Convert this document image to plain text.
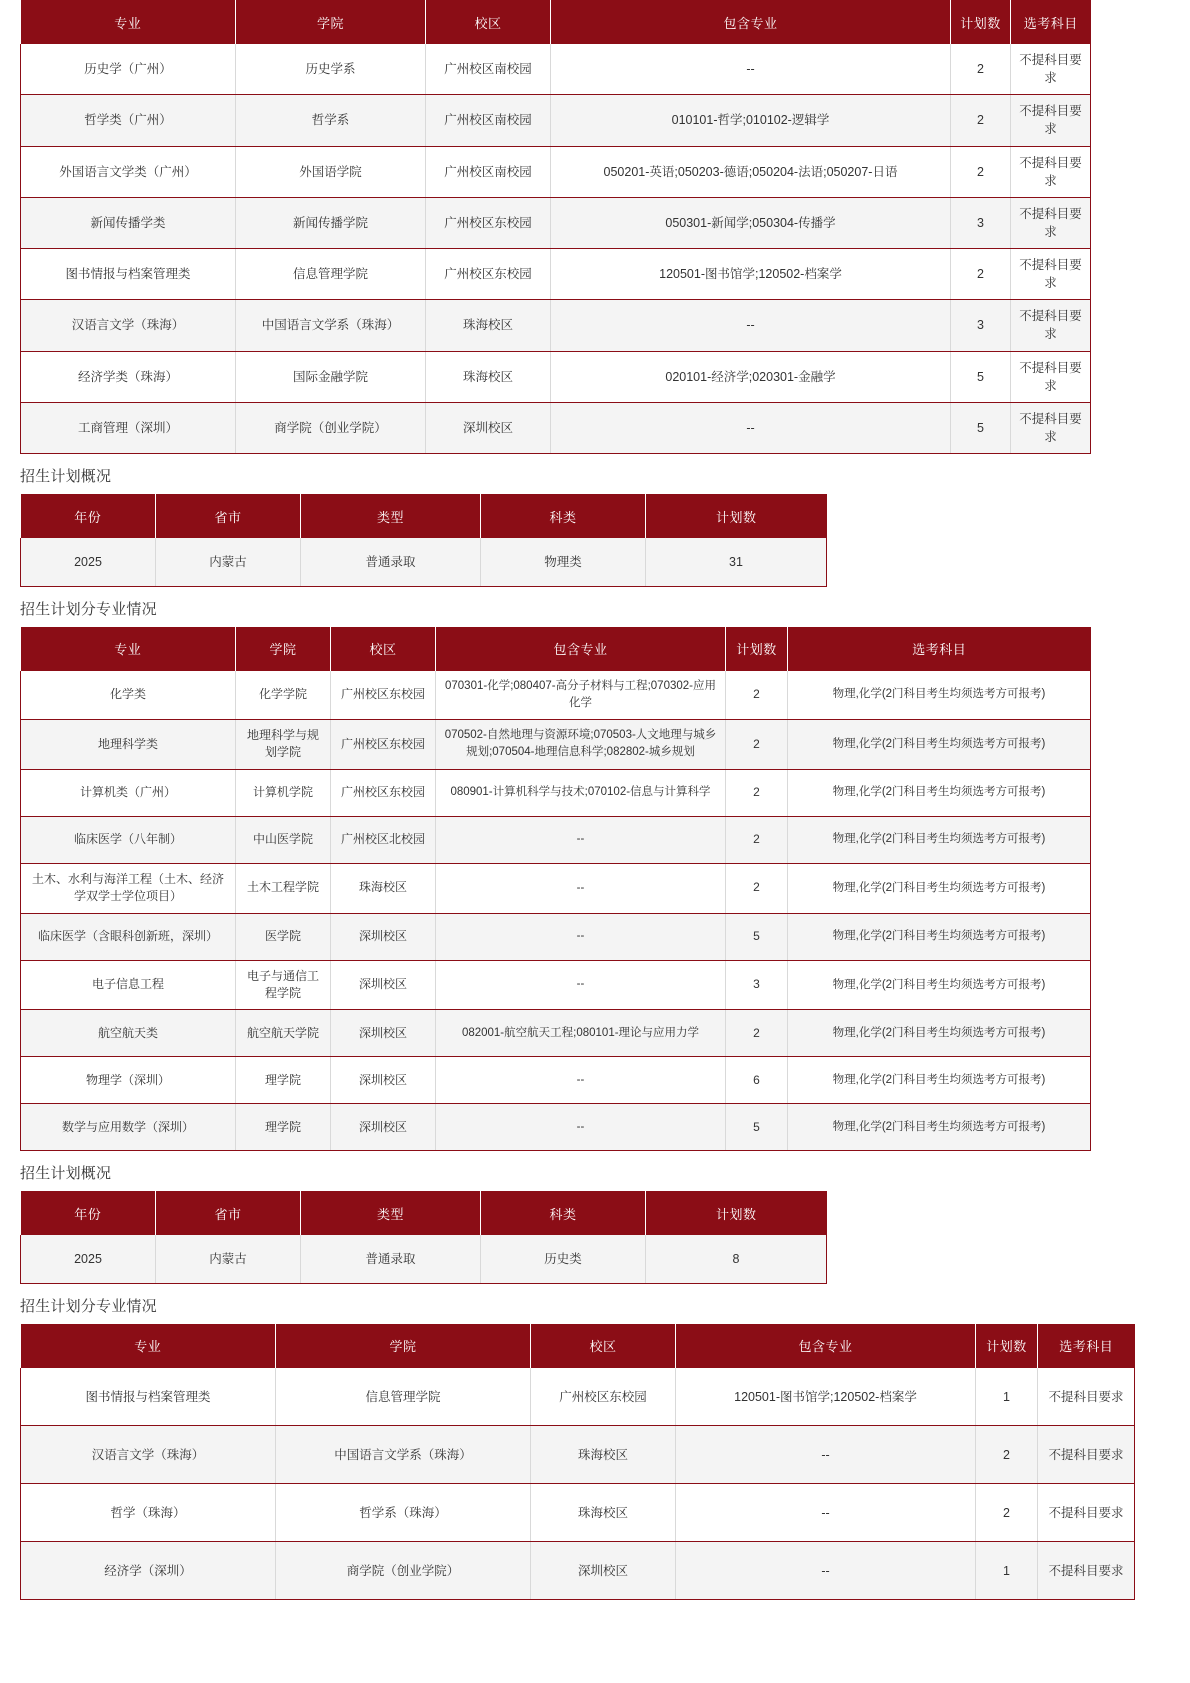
专业	学院	校区	包含专业	计划数	选考科目
历史学（广州）	历史学系	广州校区南校园	--	2	不提科目要求
哲学类（广州）	哲学系	广州校区南校园	010101-哲学;010102-逻辑学	2	不提科目要求
外国语言文学类（广州）	外国语学院	广州校区南校园	050201-英语;050203-德语;050204-法语;050207-日语	2	不提科目要求
新闻传播学类	新闻传播学院	广州校区东校园	050301-新闻学;050304-传播学	3	不提科目要求
图书情报与档案管理类	信息管理学院	广州校区东校园	120501-图书馆学;120502-档案学	2	不提科目要求
汉语言文学（珠海）	中国语言文学系（珠海）	珠海校区	--	3	不提科目要求
经济学类（珠海）	国际金融学院	珠海校区	020101-经济学;020301-金融学	5	不提科目要求
工商管理（深圳）	商学院（创业学院）	深圳校区	--	5	不提科目要求
招生计划概况
年份	省市	类型	科类	计划数
2025	内蒙古	普通录取	物理类	31
招生计划分专业情况
专业	学院	校区	包含专业	计划数	选考科目
化学类	化学学院	广州校区东校园	070301-化学;080407-高分子材料与工程;070302-应用化学	2	物理,化学(2门科目考生均须选考方可报考)
地理科学类	地理科学与规划学院	广州校区东校园	070502-自然地理与资源环境;070503-人文地理与城乡规划;070504-地理信息科学;082802-城乡规划	2	物理,化学(2门科目考生均须选考方可报考)
计算机类（广州）	计算机学院	广州校区东校园	080901-计算机科学与技术;070102-信息与计算科学	2	物理,化学(2门科目考生均须选考方可报考)
临床医学（八年制）	中山医学院	广州校区北校园	--	2	物理,化学(2门科目考生均须选考方可报考)
土木、水利与海洋工程（土木、经济学双学士学位项目）	土木工程学院	珠海校区	--	2	物理,化学(2门科目考生均须选考方可报考)
临床医学（含眼科创新班，深圳）	医学院	深圳校区	--	5	物理,化学(2门科目考生均须选考方可报考)
电子信息工程	电子与通信工程学院	深圳校区	--	3	物理,化学(2门科目考生均须选考方可报考)
航空航天类	航空航天学院	深圳校区	082001-航空航天工程;080101-理论与应用力学	2	物理,化学(2门科目考生均须选考方可报考)
物理学（深圳）	理学院	深圳校区	--	6	物理,化学(2门科目考生均须选考方可报考)
数学与应用数学（深圳）	理学院	深圳校区	--	5	物理,化学(2门科目考生均须选考方可报考)
招生计划概况
年份	省市	类型	科类	计划数
2025	内蒙古	普通录取	历史类	8
招生计划分专业情况
专业	学院	校区	包含专业	计划数	选考科目
图书情报与档案管理类	信息管理学院	广州校区东校园	120501-图书馆学;120502-档案学	1	不提科目要求
汉语言文学（珠海）	中国语言文学系（珠海）	珠海校区	--	2	不提科目要求
哲学（珠海）	哲学系（珠海）	珠海校区	--	2	不提科目要求
经济学（深圳）	商学院（创业学院）	深圳校区	--	1	不提科目要求
